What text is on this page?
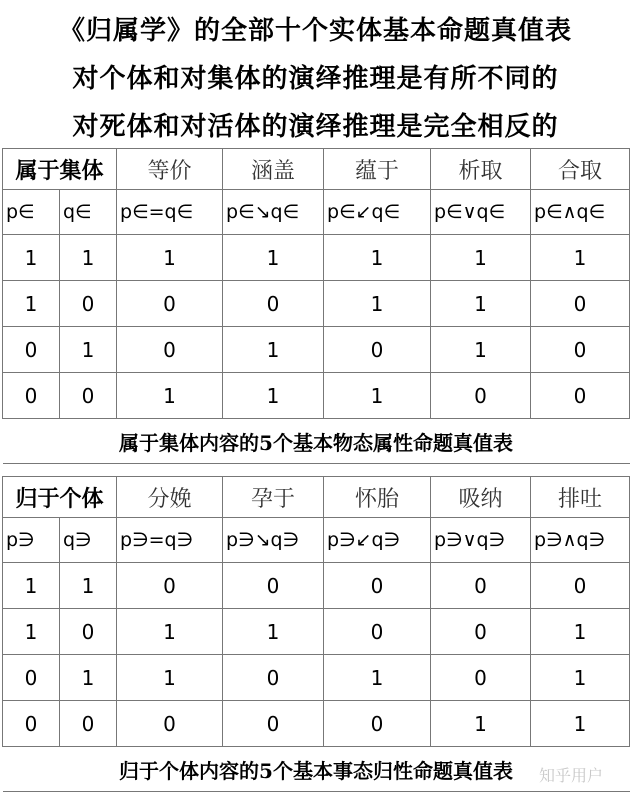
《归属学》的全部十个实体基本命题真值表
对个体和对集体的演绎推理是有所不同的
对死体和对活体的演绎推理是完全相反的
属于集体		等价	涵盖	蕴于	析取	合取
p∈	q∈	p∈=q∈	p∈↘q∈	p∈↙q∈	p∈∨q∈	p∈∧q∈
1	1	1	1	1	1	1
1	0	0	0	1	1	0
0	1	0	1	0	1	0
0	0	1	1	1	0	0
属于集体内容的5个基本物态属性命题真值表						
归于个体		分娩	孕于	怀胎	吸纳	排吐
p∋	q∋	p∋=q∋	p∋↘q∋	p∋↙q∋	p∋∨q∋	p∋∧q∋
1	1	0	0	0	0	0
1	0	1	1	0	0	1
0	1	1	0	1	0	1
0	0	0	0	0	1	1
归于个体内容的5个基本事态归性命题真值表						知乎用户
